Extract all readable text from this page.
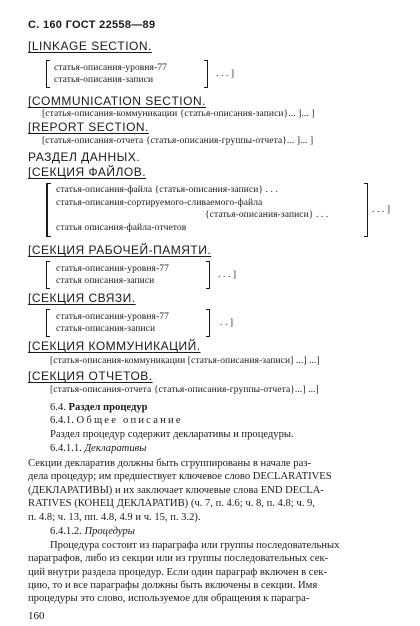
С. 160 ГОСТ 22558—89
[LINKAGE SECTION.
статья-описания-уровня-77
статья-описания-записи
. . . ]
[COMMUNICATION SECTION.
[статья-описания-коммуникации {статья-описания-записи}... ]... ]
[REPORT SECTION.
[статья-описания-отчета {статья-описания-группы-отчета}... ]... ]
РАЗДЕЛ ДАННЫХ.
[СЕКЦИЯ ФАЙЛОВ.
статья-описания-файла {статья-описания-записи} . . .
статья-описания-сортируемого-сливаемого-файла
{статья-описания-записи} . . .
статья описания-файла-отчетов
. . . ]
[СЕКЦИЯ РАБОЧЕЙ-ПАМЯТИ.
статья-описания-уровня-77
статья описания-записи
. . . ]
[СЕКЦИЯ СВЯЗИ.
статья-описания-уровня-77
статья-описания-записи
. . ]
[СЕКЦИЯ КОММУНИКАЦИЙ.
[статья-описания-коммуникации [статья-описания-записи] ...] ...]
[СЕКЦИЯ ОТЧЕТОВ.
[статья-описания-отчета {статья-описания-группы-отчета}...] ...]
6.4. Раздел процедур
6.4.1. Общее описание
Раздел процедур содержит декларативы и процедуры.
6.4.1.1. Декларативы
Секции декларатив должны быть сгруппированы в начале раз-
дела процедур; им предшествует ключевое слово DECLARATIVES
(ДЕКЛАРАТИВЫ) и их заключает ключевые слова END DECLA-
RATIVES (КОНЕЦ ДЕКЛАРАТИВ) (ч. 7, п. 4.6; ч. 8, п. 4.8; ч. 9,
п. 4.8; ч. 13, пп. 4.8, 4.9 и ч. 15, п. 3.2).
6.4.1.2. Процедуры
Процедура состоит из параграфа или группы последовательных
параграфов, либо из секции или из группы последовательных сек-
ций внутри раздела процедур. Если один параграф включен в сек-
цию, то и все параграфы должны быть включены в секции. Имя
процедуры это слово, используемое для обращения к парагра-
160
